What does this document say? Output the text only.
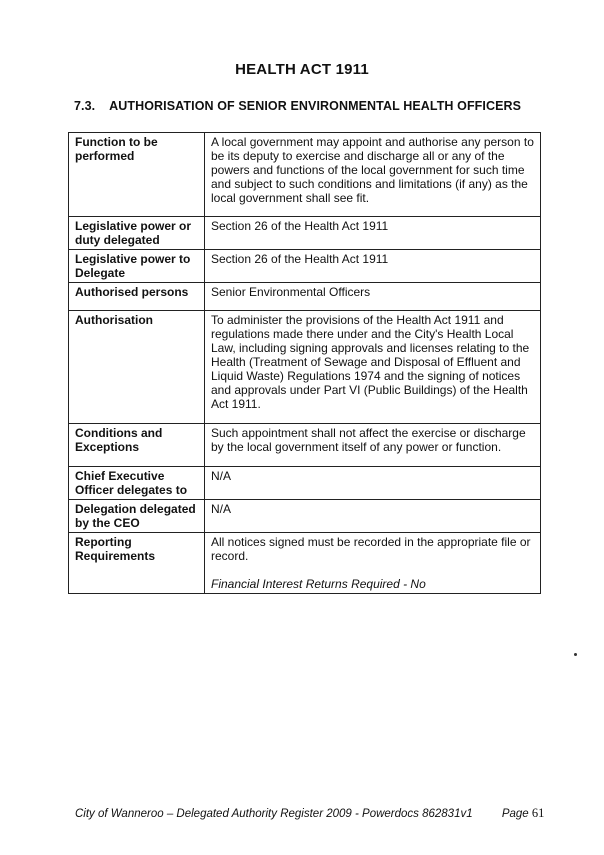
HEALTH ACT 1911
7.3. AUTHORISATION OF SENIOR ENVIRONMENTAL HEALTH OFFICERS
Function to be performed	A local government may appoint and authorise any person to be its deputy to exercise and discharge all or any of the powers and functions of the local government for such time and subject to such conditions and limitations (if any) as the local government shall see fit.
Legislative power or duty delegated	Section 26 of the Health Act 1911
Legislative power to Delegate	Section 26 of the Health Act 1911
Authorised persons	Senior Environmental Officers
Authorisation	To administer the provisions of the Health Act 1911 and regulations made there under and the City's Health Local Law, including signing approvals and licenses relating to the Health (Treatment of Sewage and Disposal of Effluent and Liquid Waste) Regulations 1974 and the signing of notices and approvals under Part VI (Public Buildings) of the Health Act 1911.
Conditions and Exceptions	Such appointment shall not affect the exercise or discharge by the local government itself of any power or function.
Chief Executive Officer delegates to	N/A
Delegation delegated by the CEO	N/A
Reporting Requirements	All notices signed must be recorded in the appropriate file or record.

Financial Interest Returns Required - No

City of Wanneroo – Delegated Authority Register 2009 - Powerdocs 862831v1	Page 61
